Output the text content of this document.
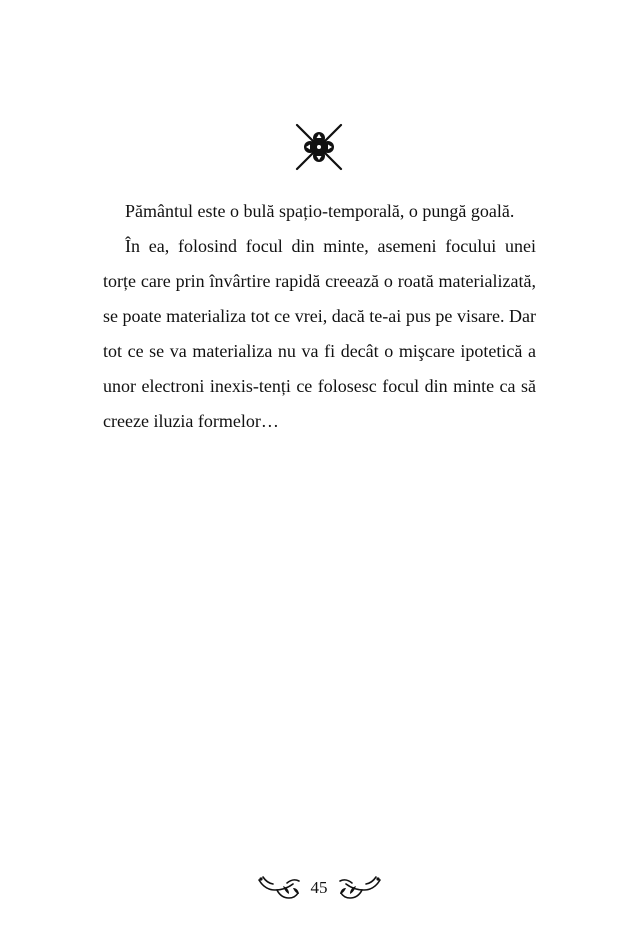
Pământul este o bulă spațio-temporală, o pungă goală.

În ea, folosind focul din minte, asemeni focului unei torțe care prin învârtire rapidă creează o roată materializată, se poate materializa tot ce vrei, dacă te-ai pus pe visare. Dar tot ce se va materializa nu va fi decât o mişcare ipotetică a unor electroni inexis-tenți ce folosesc focul din minte ca să creeze iluzia formelor…

45
